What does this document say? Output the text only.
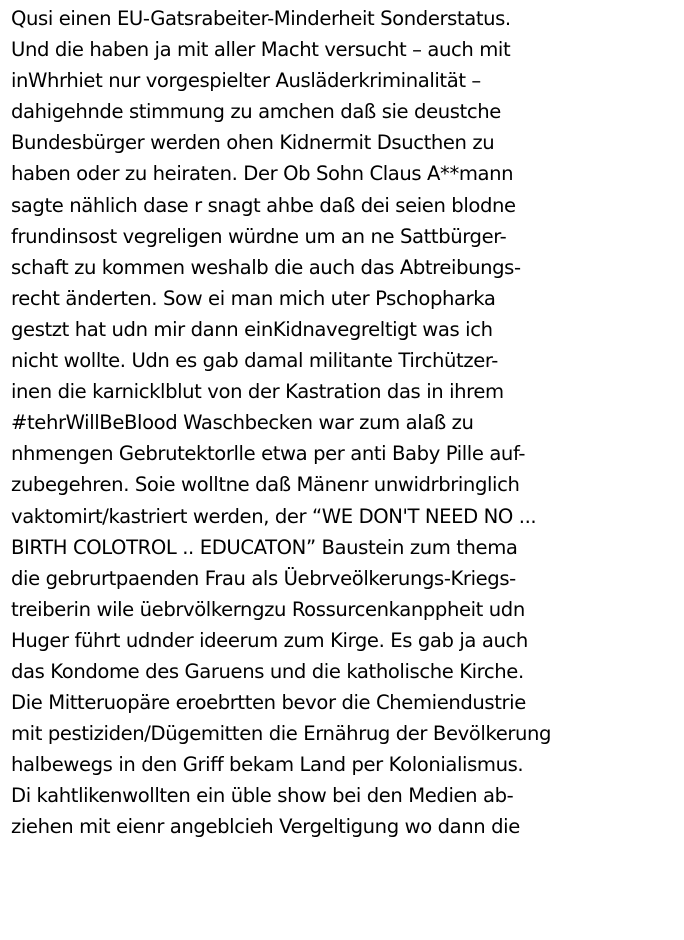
Qusi einen EU-Gatsrabeiter-Minderheit Sonderstatus.
Und die haben ja mit aller Macht versucht – auch mit
inWhrhiet nur vorgespielter Ausläderkriminalität –
dahigehnde stimmung zu amchen daß sie deustche
Bundesbürger werden ohen Kidnermit Dsucthen zu
haben oder zu heiraten. Der Ob Sohn Claus A**mann
sagte nählich dase r snagt ahbe daß dei seien blodne
frundinsost vegreligen würdne um an ne Sattbürger-
schaft zu kommen weshalb die auch das Abtreibungs-
recht änderten. Sow ei man mich uter Pschopharka
gestzt hat udn mir dann einKidnavegreltigt was ich
nicht wollte. Udn es gab damal militante Tirchützer-
inen die karnicklblut von der Kastration das in ihrem
#tehrWillBeBlood Waschbecken war zum alaß zu
nhmengen Gebrutektorlle etwa per anti Baby Pille auf-
zubegehren. Soie wolltne daß Mänenr unwidrbringlich
vaktomirt/kastriert werden, der “WE DON'T NEED NO ...
BIRTH COLOTROL .. EDUCATON” Baustein zum thema
die gebrurtpaenden Frau als Üebrveölkerungs-Kriegs-
treiberin wile üebrvölkerngzu Rossurcenkanppheit udn
Huger führt udnder ideerum zum Kirge. Es gab ja auch
das Kondome des Garuens und die katholische Kirche.
Die Mitteruopäre eroebrtten bevor die Chemiendustrie
mit pestiziden/Dügemitten die Ernährug der Bevölkerung
halbewegs in den Griff bekam Land per Kolonialismus.
Di kahtlikenwollten ein üble show bei den Medien ab-
ziehen mit eienr angeblcieh Vergeltigung wo dann die
